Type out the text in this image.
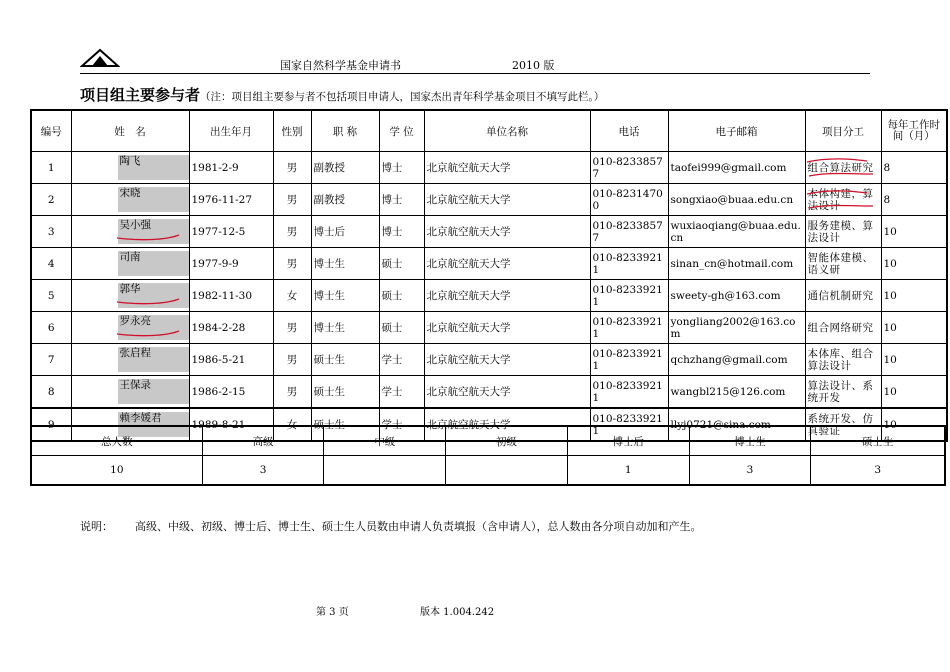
国家自然科学基金申请书	2010 版
项目组主要参与者（注：项目组主要参与者不包括项目申请人，国家杰出青年科学基金项目不填写此栏。）
编号	姓　名	出生年月	性别	职 称	学 位	单位名称	电话	电子邮箱	项目分工	每年工作时间（月）
1	陶飞	1981-2-9	男	副教授	博士	北京航空航天大学	010-82338577	taofei999@gmail.com	组合算法研究	8
2	宋晓	1976-11-27	男	副教授	博士	北京航空航天大学	010-82314700	songxiao@buaa.edu.cn	本体构建，算法设计	8
3	吴小强	1977-12-5	男	博士后	博士	北京航空航天大学	010-82338577	wuxiaoqiang@buaa.edu.cn	服务建模、算法设计	10
4	司南	1977-9-9	男	博士生	硕士	北京航空航天大学	010-82339211	sinan_cn@hotmail.com	智能体建模、语义研	10
5	郭华	1982-11-30	女	博士生	硕士	北京航空航天大学	010-82339211	sweety-gh@163.com	通信机制研究	10
6	罗永亮	1984-2-28	男	博士生	硕士	北京航空航天大学	010-82339211	yongliang2002@163.com	组合网络研究	10
7	张启程	1986-5-21	男	硕士生	学士	北京航空航天大学	010-82339211	qchzhang@gmail.com	本体库、组合算法设计	10
8	王保录	1986-2-15	男	硕士生	学士	北京航空航天大学	010-82339211	wangbl215@126.com	算法设计、系统开发	10
9	赖李媛君	1989-8-21	女	硕士生	学士	北京航空航天大学	010-82339211	llyj0721@sina.com	系统开发、仿真验证	10
总人数	高级	中级	初级	博士后	博士生	硕士生
10	3			1	3	3
说明： 高级、中级、初级、博士后、博士生、硕士生人员数由申请人负责填报（含申请人），总人数由各分项自动加和产生。
第 3 页	版本 1.004.242
